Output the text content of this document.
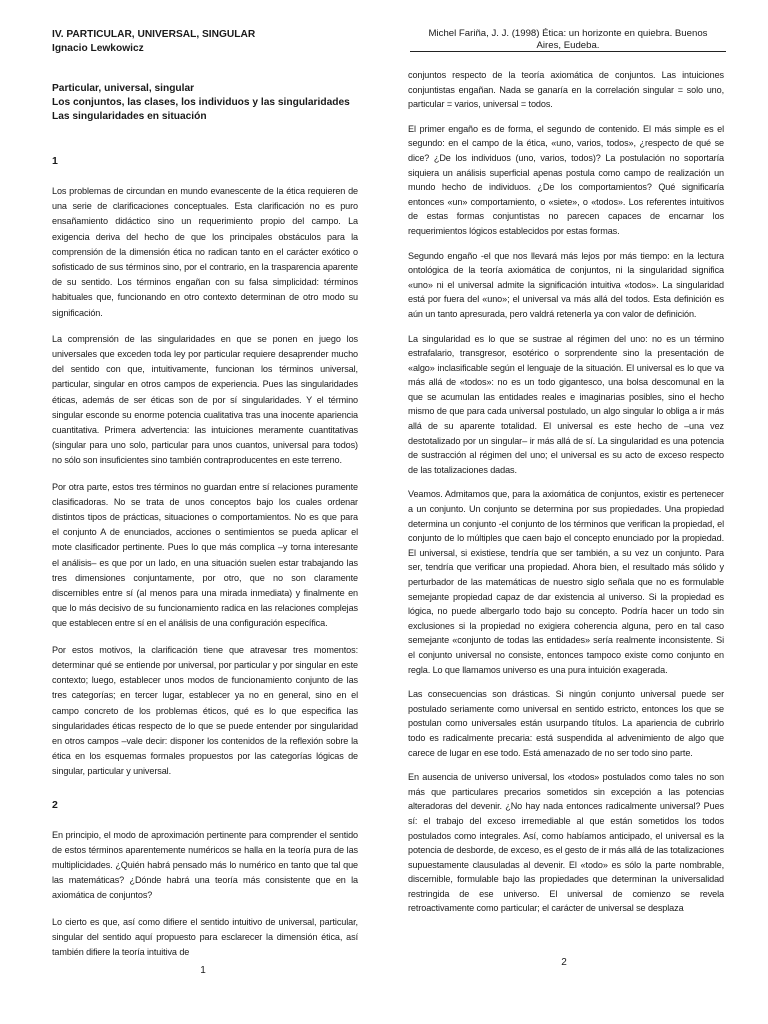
IV. PARTICULAR, UNIVERSAL, SINGULAR
Ignacio Lewkowicz
Particular, universal, singular
Los conjuntos, las clases, los individuos y las singularidades
Las singularidades en situación
1

Los problemas de circundan en mundo evanescente de la ética requieren de una serie de clarificaciones conceptuales. Esta clarificación no es puro ensañamiento didáctico sino un requerimiento propio del campo. La exigencia deriva del hecho de que los principales obstáculos para la comprensión de la dimensión ética no radican tanto en el carácter exótico o sofisticado de sus términos sino, por el contrario, en la trasparencia aparente de su sentido. Los términos engañan con su falsa simplicidad: términos habituales que, funcionando en otro contexto determinan de otro modo su significación.

La comprensión de las singularidades en que se ponen en juego los universales que exceden toda ley por particular requiere desaprender mucho del sentido con que, intuitivamente, funcionan los términos universal, particular, singular en otros campos de experiencia. Pues las singularidades éticas, además de ser éticas son de por sí singularidades. Y el término singular esconde su enorme potencia cualitativa tras una inocente apariencia cuantitativa. Primera advertencia: las intuiciones meramente cuantitativas (singular para uno solo, particular para unos cuantos, universal para todos) no sólo son insuficientes sino también contraproducentes en este terreno.

Por otra parte, estos tres términos no guardan entre sí relaciones puramente clasificadoras. No se trata de unos conceptos bajo los cuales ordenar distintos tipos de prácticas, situaciones o comportamientos. No es que para el conjunto A de enunciados, acciones o sentimientos se pueda aplicar el mote clasificador pertinente. Pues lo que más complica –y torna interesante el análisis– es que por un lado, en una situación suelen estar trabajando las tres dimensiones conjuntamente, por otro, que no son claramente discernibles entre sí (al menos para una mirada inmediata) y finalmente en que lo más decisivo de su funcionamiento radica en las relaciones complejas que establecen entre sí en el análisis de una configuración específica.

Por estos motivos, la clarificación tiene que atravesar tres momentos: determinar qué se entiende por universal, por particular y por singular en este contexto; luego, establecer unos modos de funcionamiento conjunto de las tres categorías; en tercer lugar, establecer ya no en general, sino en el campo concreto de los problemas éticos, qué es lo que especifica las singularidades éticas respecto de lo que se puede entender por singularidad en otros campos –vale decir: disponer los contenidos de la reflexión sobre la ética en los esquemas formales propuestos por las categorías lógicas de singular, particular y universal.

2

En principio, el modo de aproximación pertinente para comprender el sentido de estos términos aparentemente numéricos se halla en la teoría pura de las multiplicidades. ¿Quién habrá pensado más lo numérico en tanto que tal que las matemáticas? ¿Dónde habrá una teoría más consistente que en la axiomática de conjuntos?

Lo cierto es que, así como difiere el sentido intuitivo de universal, particular, singular del sentido aquí propuesto para esclarecer la dimensión ética, así también difiere la teoría intuitiva de

1
Michel Fariña, J. J. (1998) Ética: un horizonte en quiebra. Buenos Aires, Eudeba.

conjuntos respecto de la teoría axiomática de conjuntos. Las intuiciones conjuntistas engañan. Nada se ganaría en la correlación singular = solo uno, particular = varios, universal = todos.

El primer engaño es de forma, el segundo de contenido. El más simple es el segundo: en el campo de la ética, «uno, varios, todos», ¿respecto de qué se dice? ¿De los individuos (uno, varios, todos)? La postulación no soportaría siquiera un análisis superficial apenas postula como campo de realización un mundo hecho de individuos. ¿De los comportamientos? Qué significaría entonces «un» comportamiento, o «siete», o «todos». Los referentes intuitivos de estas formas conjuntistas no parecen capaces de encarnar los requerimientos lógicos establecidos por estas formas.

Segundo engaño -el que nos llevará más lejos por más tiempo: en la lectura ontológica de la teoría axiomática de conjuntos, ni la singularidad significa «uno» ni el universal admite la significación intuitiva «todos». La singularidad está por fuera del «uno»; el universal va más allá del todos. Esta definición es aún un tanto apresurada, pero valdrá retenerla ya con valor de definición.

La singularidad es lo que se sustrae al régimen del uno: no es un término estrafalario, transgresor, esotérico o sorprendente sino la presentación de «algo» inclasificable según el lenguaje de la situación. El universal es lo que va más allá de «todos»: no es un todo gigantesco, una bolsa descomunal en la que se acumulan las entidades reales e imaginarias posibles, sino el hecho mismo de que para cada universal postulado, un algo singular lo obliga a ir más allá de su aparente totalidad. El universal es este hecho de –una vez destotalizado por un singular– ir más allá de sí. La singularidad es una potencia de sustracción al régimen del uno; el universal es su acto de exceso respecto de las totalizaciones dadas.

Veamos. Admitamos que, para la axiomática de conjuntos, existir es pertenecer a un conjunto. Un conjunto se determina por sus propiedades. Una propiedad determina un conjunto -el conjunto de los términos que verifican la propiedad, el conjunto de lo múltiples que caen bajo el concepto enunciado por la propiedad. El universal, si existiese, tendría que ser también, a su vez un conjunto. Para ser, tendría que verificar una propiedad. Ahora bien, el resultado más sólido y perturbador de las matemáticas de nuestro siglo señala que no es formulable semejante propiedad capaz de dar existencia al universo. Si la propiedad es lógica, no puede albergarlo todo bajo su concepto. Podría hacer un todo sin exclusiones si la propiedad no exigiera coherencia alguna, pero en tal caso semejante «conjunto de todas las entidades» sería realmente inconsistente. Si el conjunto universal no consiste, entonces tampoco existe como conjunto en regla. Lo que llamamos universo es una pura intuición exagerada.

Las consecuencias son drásticas. Si ningún conjunto universal puede ser postulado seriamente como universal en sentido estricto, entonces los que se postulan como universales están usurpando títulos. La apariencia de cubrirlo todo es radicalmente precaria: está suspendida al advenimiento de algo que carece de lugar en ese todo. Está amenazado de no ser todo sino parte.

En ausencia de universo universal, los «todos» postulados como tales no son más que particulares precarios sometidos sin excepción a las potencias alteradoras del devenir. ¿No hay nada entonces radicalmente universal? Pues sí: el trabajo del exceso irremediable al que están sometidos los todos postulados como integrales. Así, como habíamos anticipado, el universal es la potencia de desborde, de exceso, es el gesto de ir más allá de las totalizaciones supuestamente clausuladas al devenir. El «todo» es sólo la parte nombrable, discernible, formulable bajo las propiedades que determinan la universalidad restringida de ese universo. El universal de comienzo se revela retroactivamente como particular; el carácter de universal se desplaza

2
